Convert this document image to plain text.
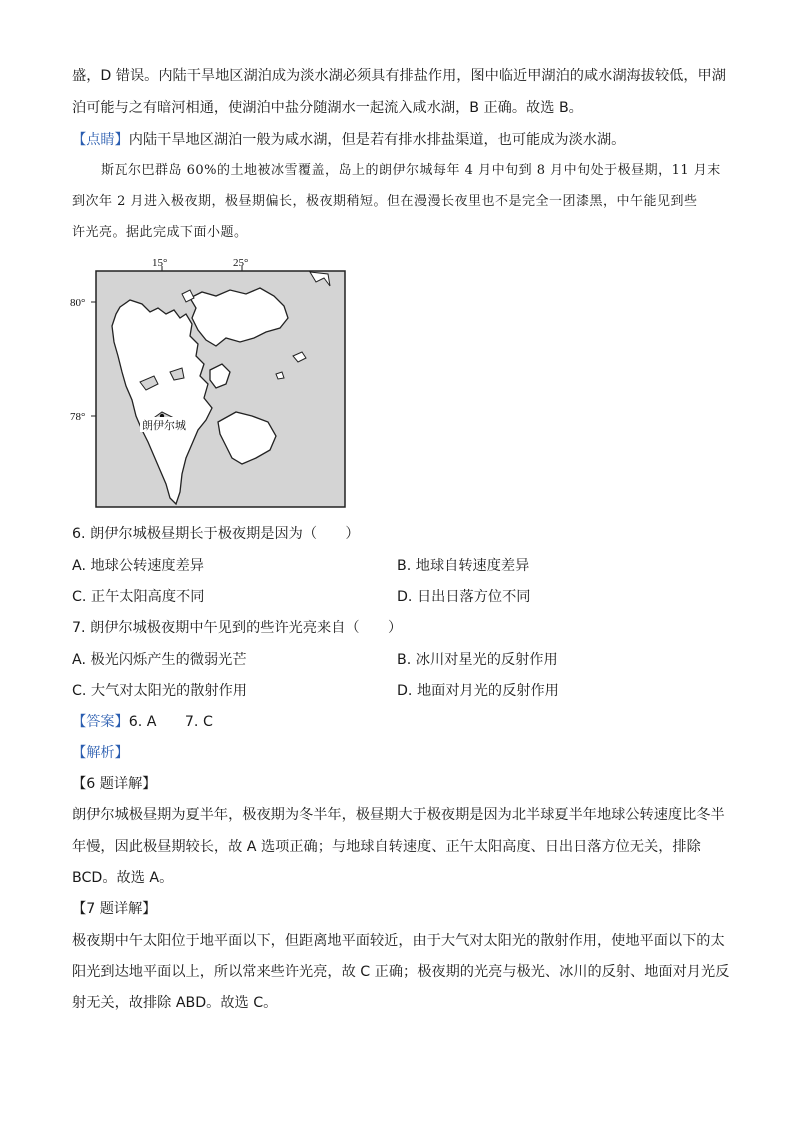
盛，D 错误。内陆干旱地区湖泊成为淡水湖必须具有排盐作用，图中临近甲湖泊的咸水湖海拔较低，甲湖
泊可能与之有暗河相通，使湖泊中盐分随湖水一起流入咸水湖，B 正确。故选 B。
【点睛】内陆干旱地区湖泊一般为咸水湖，但是若有排水排盐渠道，也可能成为淡水湖。
斯瓦尔巴群岛 60%的土地被冰雪覆盖，岛上的朗伊尔城每年 4 月中旬到 8 月中旬处于极昼期，11 月末
到次年 2 月进入极夜期，极昼期偏长，极夜期稍短。但在漫漫长夜里也不是完全一团漆黑，中午能见到些
许光亮。据此完成下面小题。
15°	25°
80°
78°
朗伊尔城
6. 朗伊尔城极昼期长于极夜期是因为（　　）
A. 地球公转速度差异	B. 地球自转速度差异
C. 正午太阳高度不同	D. 日出日落方位不同
7. 朗伊尔城极夜期中午见到的些许光亮来自（　　）
A. 极光闪烁产生的微弱光芒	B. 冰川对星光的反射作用
C. 大气对太阳光的散射作用	D. 地面对月光的反射作用
【答案】6. A　　7. C
【解析】
【6 题详解】
朗伊尔城极昼期为夏半年，极夜期为冬半年，极昼期大于极夜期是因为北半球夏半年地球公转速度比冬半
年慢，因此极昼期较长，故 A 选项正确；与地球自转速度、正午太阳高度、日出日落方位无关，排除
BCD。故选 A。
【7 题详解】
极夜期中午太阳位于地平面以下，但距离地平面较近，由于大气对太阳光的散射作用，使地平面以下的太
阳光到达地平面以上，所以常来些许光亮，故 C 正确；极夜期的光亮与极光、冰川的反射、地面对月光反
射无关，故排除 ABD。故选 C。
